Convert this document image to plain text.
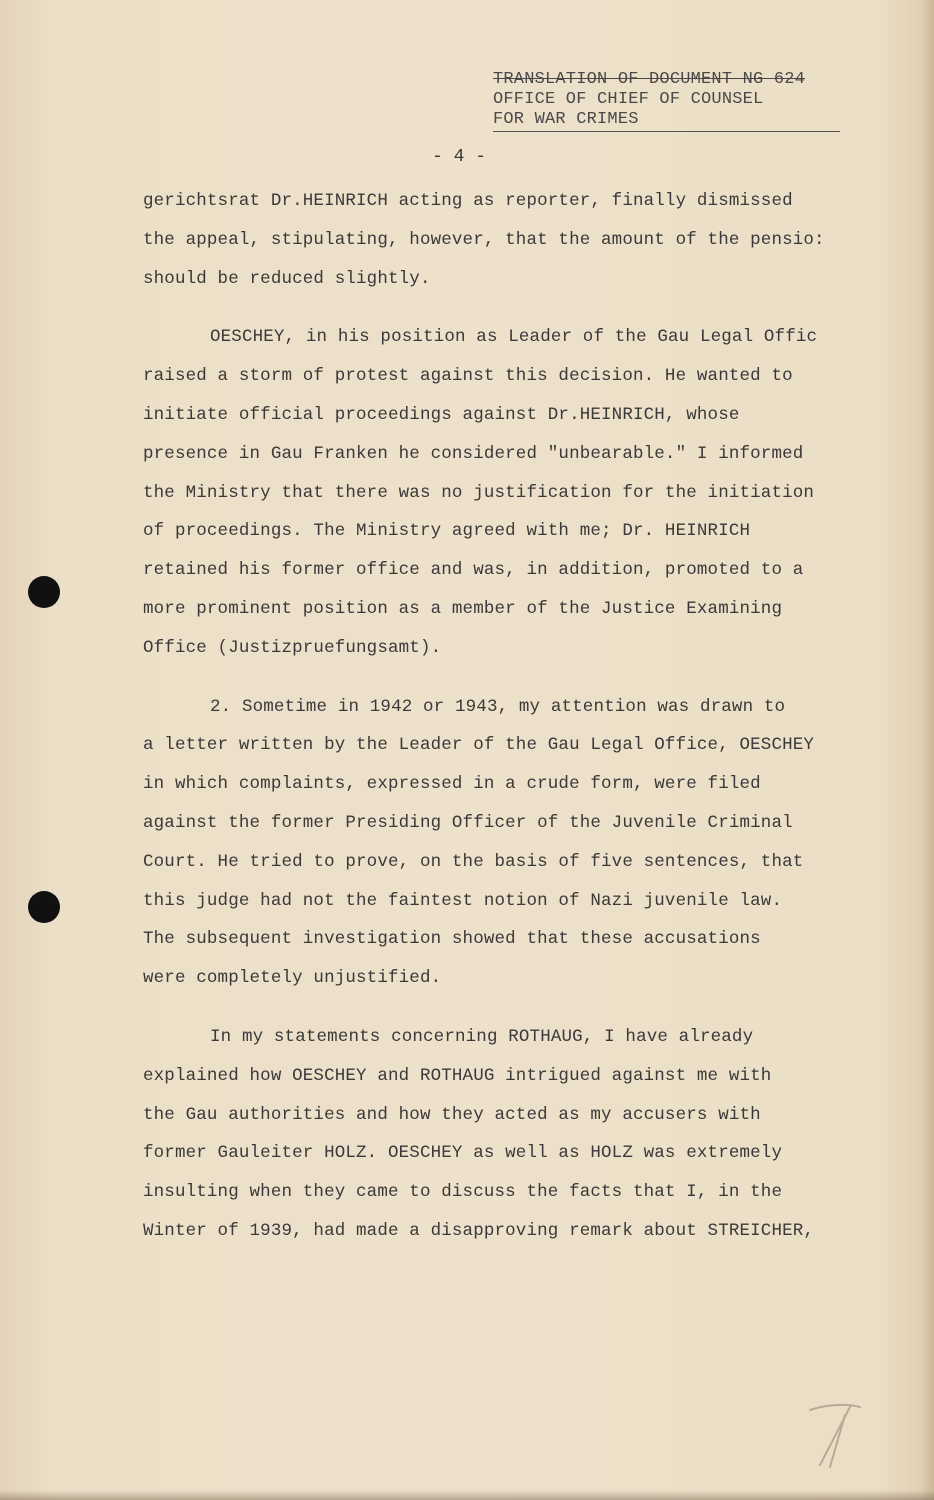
TRANSLATION OF DOCUMENT NG 624
OFFICE OF CHIEF OF COUNSEL
FOR WAR CRIMES
- 4 -
gerichtsrat Dr.HEINRICH acting as reporter, finally dismissed
the appeal, stipulating, however, that the amount of the pensio:
should be reduced slightly.
OESCHEY, in his position as Leader of the Gau Legal Offic
raised a storm of protest against this decision. He wanted to
initiate official proceedings against Dr.HEINRICH, whose
presence in Gau Franken he considered "unbearable." I informed
the Ministry that there was no justification for the initiation
of proceedings. The Ministry agreed with me; Dr. HEINRICH
retained his former office and was, in addition, promoted to a
more prominent position as a member of the Justice Examining
Office (Justizpruefungsamt).
2. Sometime in 1942 or 1943, my attention was drawn to
a letter written by the Leader of the Gau Legal Office, OESCHEY
in which complaints, expressed in a crude form, were filed
against the former Presiding Officer of the Juvenile Criminal
Court. He tried to prove, on the basis of five sentences, that
this judge had not the faintest notion of Nazi juvenile law.
The subsequent investigation showed that these accusations
were completely unjustified.
In my statements concerning ROTHAUG, I have already
explained how OESCHEY and ROTHAUG intrigued against me with
the Gau authorities and how they acted as my accusers with
former Gauleiter HOLZ. OESCHEY as well as HOLZ was extremely
insulting when they came to discuss the facts that I, in the
Winter of 1939, had made a disapproving remark about STREICHER,
